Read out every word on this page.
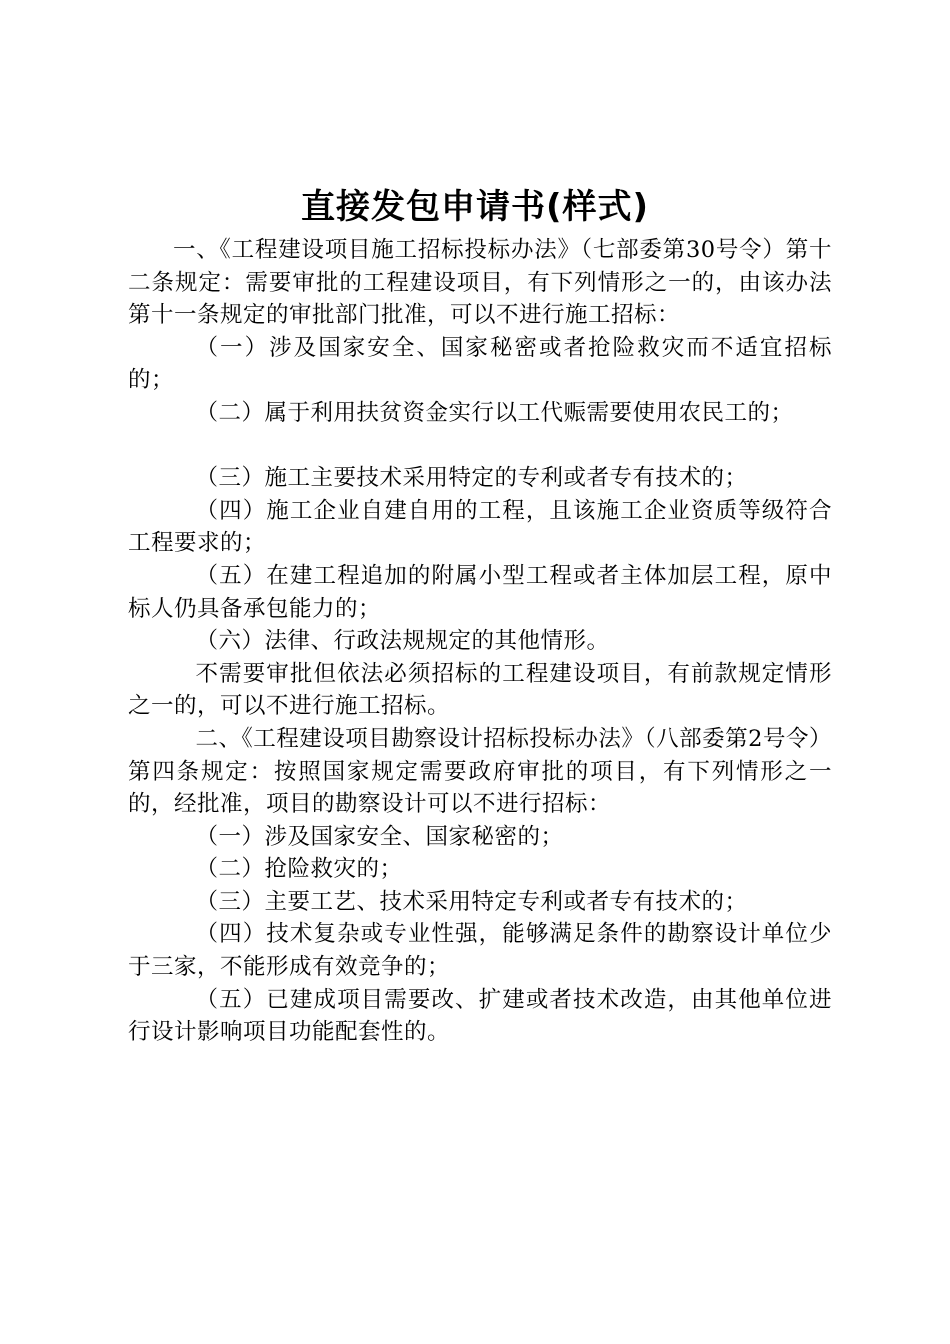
直接发包申请书(样式)

一、《工程建设项目施工招标投标办法》（七部委第30号令）第十二条规定：需要审批的工程建设项目，有下列情形之一的，由该办法第十一条规定的审批部门批准，可以不进行施工招标：

（一）涉及国家安全、国家秘密或者抢险救灾而不适宜招标的；

（二）属于利用扶贫资金实行以工代赈需要使用农民工的；

（三）施工主要技术采用特定的专利或者专有技术的；

（四）施工企业自建自用的工程，且该施工企业资质等级符合工程要求的；

（五）在建工程追加的附属小型工程或者主体加层工程，原中标人仍具备承包能力的；

（六）法律、行政法规规定的其他情形。

不需要审批但依法必须招标的工程建设项目，有前款规定情形之一的，可以不进行施工招标。

二、《工程建设项目勘察设计招标投标办法》（八部委第2号令）第四条规定：按照国家规定需要政府审批的项目，有下列情形之一的，经批准，项目的勘察设计可以不进行招标：

（一）涉及国家安全、国家秘密的；

（二）抢险救灾的；

（三）主要工艺、技术采用特定专利或者专有技术的；

（四）技术复杂或专业性强，能够满足条件的勘察设计单位少于三家，不能形成有效竞争的；

（五）已建成项目需要改、扩建或者技术改造，由其他单位进行设计影响项目功能配套性的。
